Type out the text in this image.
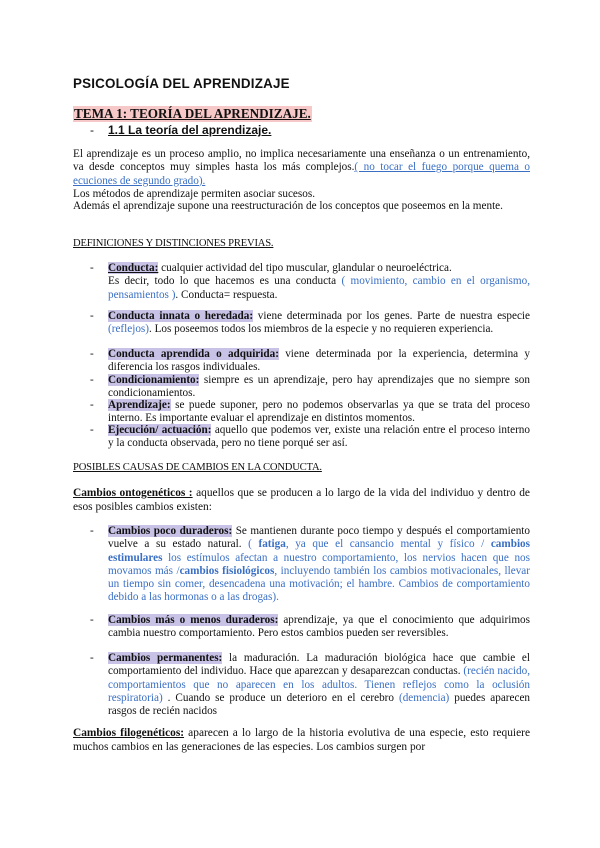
PSICOLOGÍA DEL APRENDIZAJE
TEMA 1: TEORÍA DEL APRENDIZAJE.
- 1.1 La teoría del aprendizaje.
El aprendizaje es un proceso amplio, no implica necesariamente una enseñanza o un entrenamiento, va desde conceptos muy simples hasta los más complejos.( no tocar el fuego porque quema o ecuciones de segundo grado).
Los métodos de aprendizaje permiten asociar sucesos.
Además el aprendizaje supone una reestructuración de los conceptos que poseemos en la mente.
DEFINICIONES Y DISTINCIONES PREVIAS.
- Conducta: cualquier actividad del tipo muscular, glandular o neuroeléctrica.
Es decir, todo lo que hacemos es una conducta ( movimiento, cambio en el organismo, pensamientos ). Conducta= respuesta.
- Conducta innata o heredada: viene determinada por los genes. Parte de nuestra especie (reflejos). Los poseemos todos los miembros de la especie y no requieren experiencia.
- Conducta aprendida o adquirida: viene determinada por la experiencia, determina y diferencia los rasgos individuales.
- Condicionamiento: siempre es un aprendizaje, pero hay aprendizajes que no siempre son condicionamientos.
- Aprendizaje: se puede suponer, pero no podemos observarlas ya que se trata del proceso interno. Es importante evaluar el aprendizaje en distintos momentos.
- Ejecución/ actuación: aquello que podemos ver, existe una relación entre el proceso interno y la conducta observada, pero no tiene porqué ser así.
POSIBLES CAUSAS DE CAMBIOS EN LA CONDUCTA.
Cambios ontogenéticos : aquellos que se producen a lo largo de la vida del individuo y dentro de esos posibles cambios existen:
- Cambios poco duraderos: Se mantienen durante poco tiempo y después el comportamiento vuelve a su estado natural. ( fatiga, ya que el cansancio mental y físico / cambios estimulares los estímulos afectan a nuestro comportamiento, los nervios hacen que nos movamos más /cambios fisiológicos, incluyendo también los cambios motivacionales, llevar un tiempo sin comer, desencadena una motivación; el hambre. Cambios de comportamiento debido a las hormonas o a las drogas).
- Cambios más o menos duraderos: aprendizaje, ya que el conocimiento que adquirimos cambia nuestro comportamiento. Pero estos cambios pueden ser reversibles.
- Cambios permanentes: la maduración. La maduración biológica hace que cambie el comportamiento del individuo. Hace que aparezcan y desaparezcan conductas. (recién nacido, comportamientos que no aparecen en los adultos. Tienen reflejos como la oclusión respiratoria) . Cuando se produce un deterioro en el cerebro (demencia) puedes aparecen rasgos de recién nacidos
Cambios filogenéticos: aparecen a lo largo de la historia evolutiva de una especie, esto requiere muchos cambios en las generaciones de las especies. Los cambios surgen por
